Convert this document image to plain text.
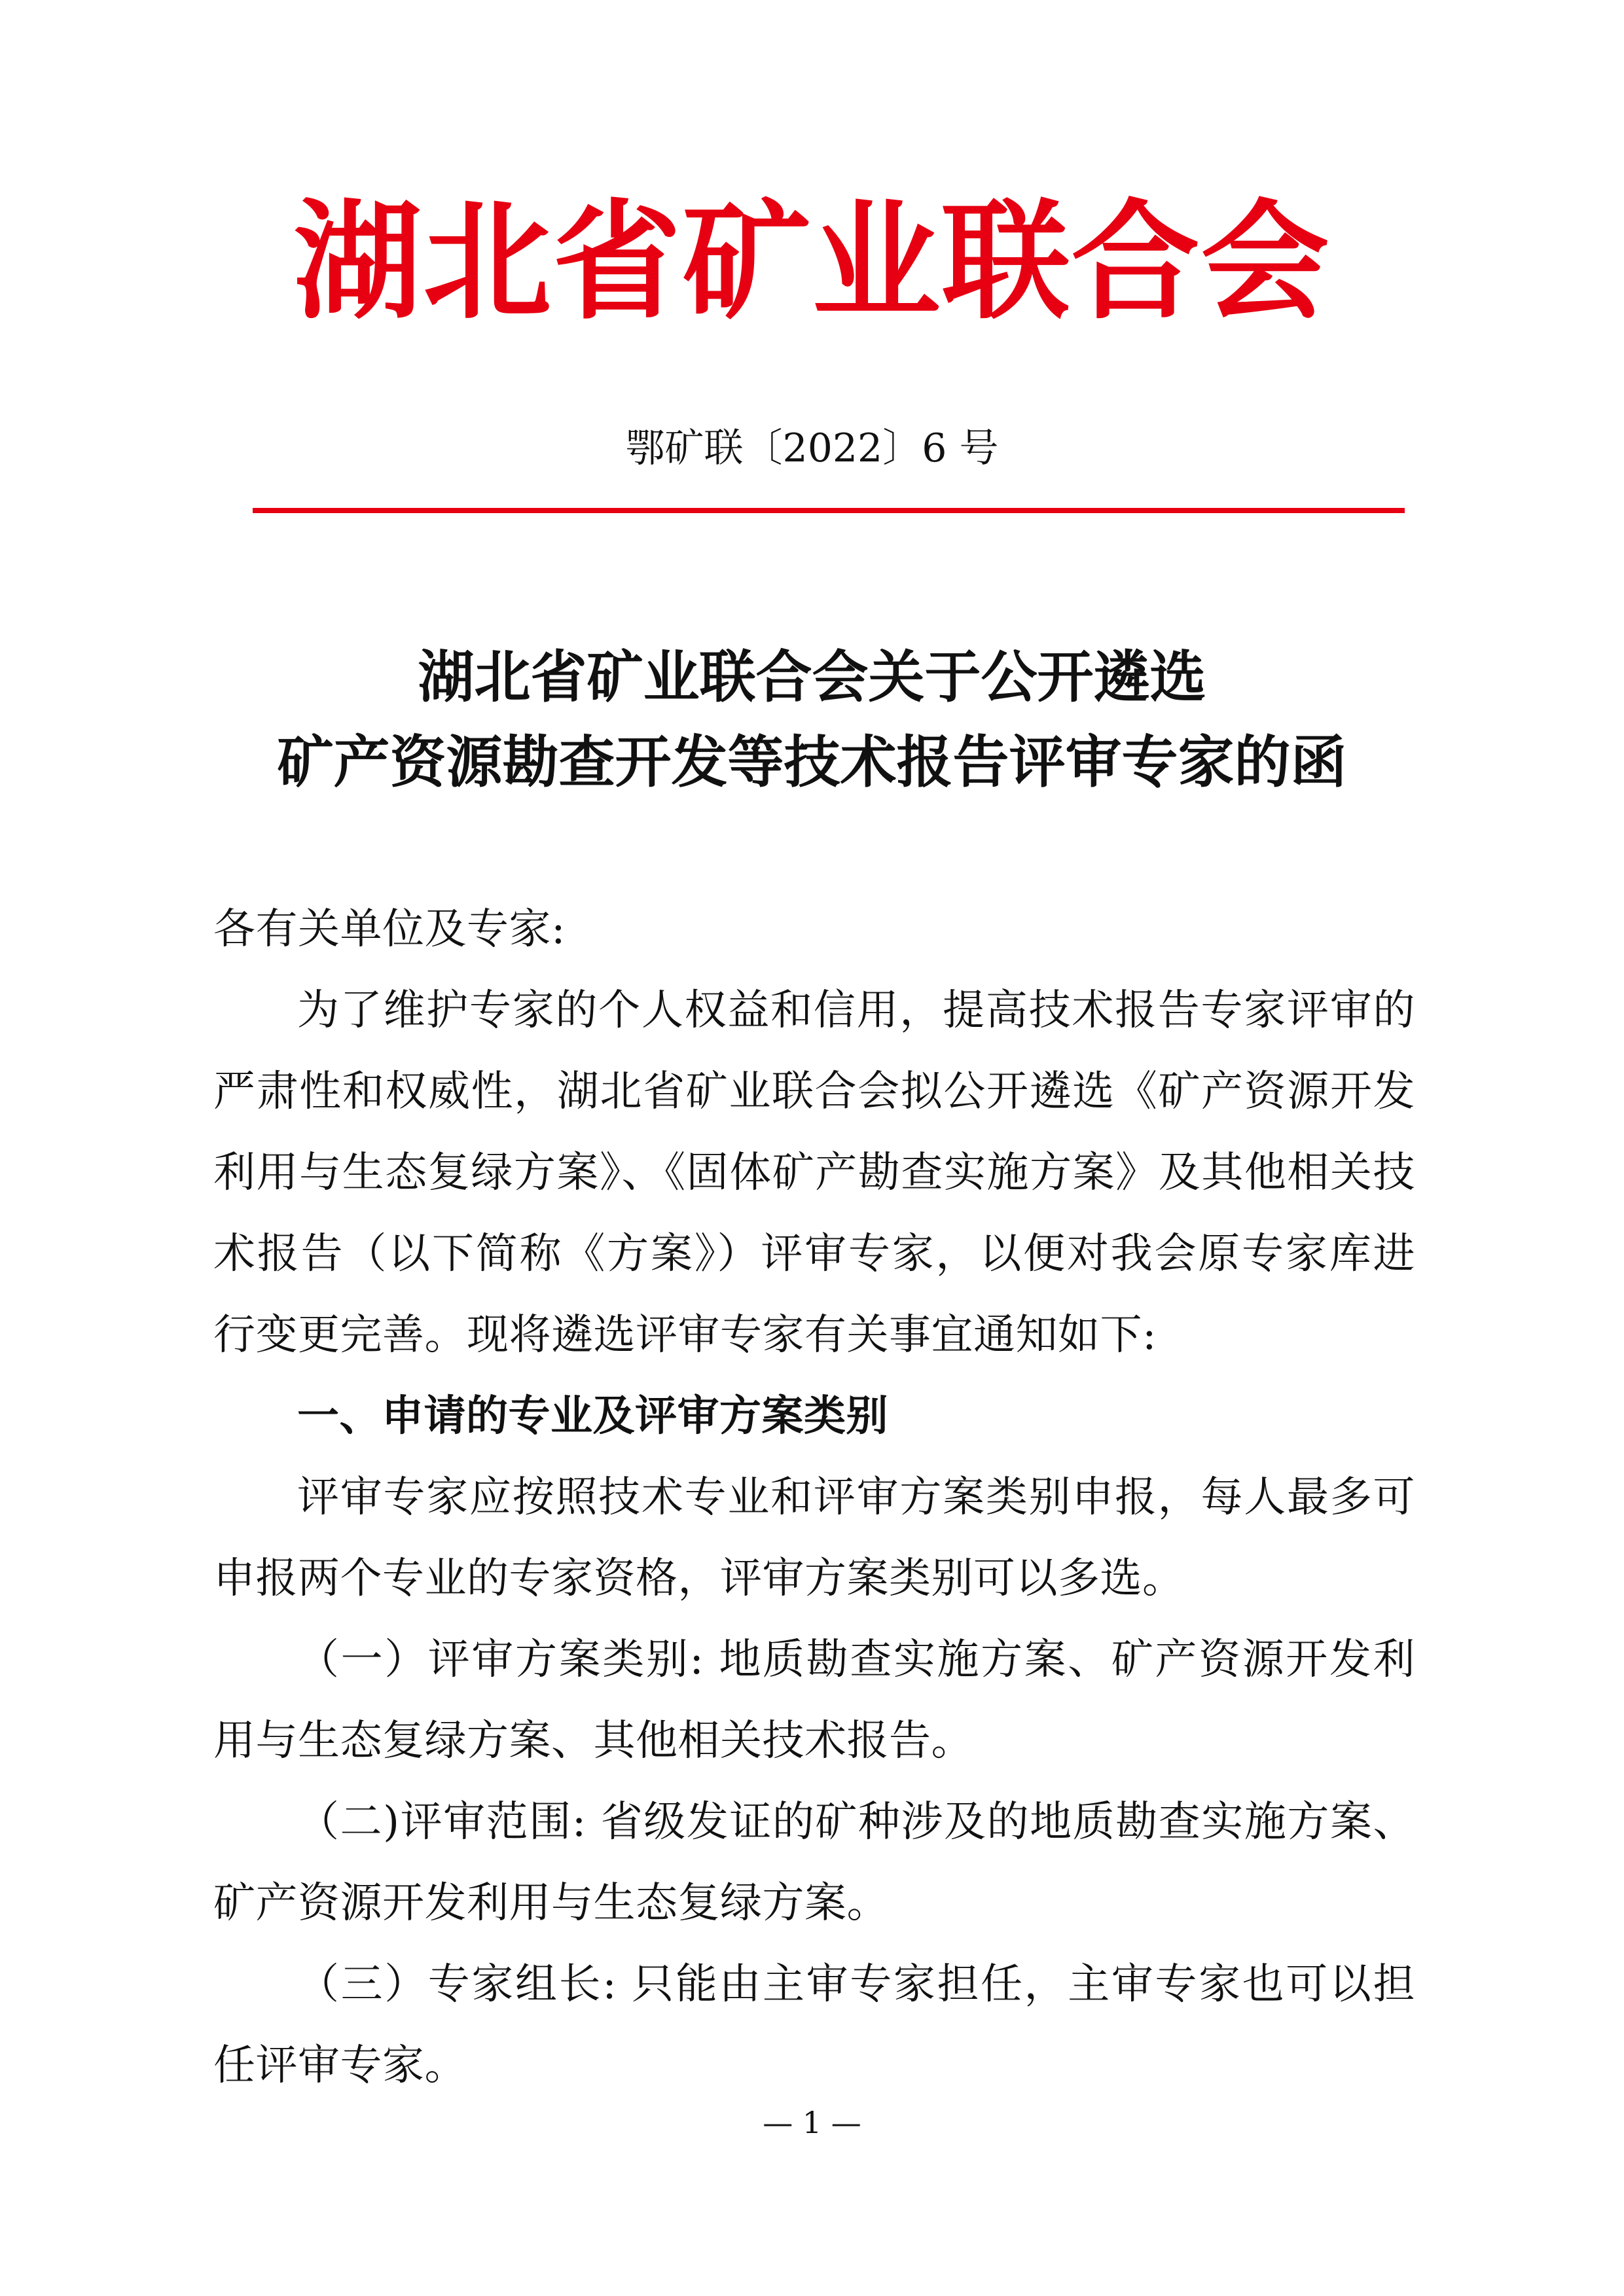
湖北省矿业联合会
鄂矿联〔2022〕6 号
湖北省矿业联合会关于公开遴选
矿产资源勘查开发等技术报告评审专家的函

各有关单位及专家:

为了维护专家的个人权益和信用，提高技术报告专家评审的严肃性和权威性，湖北省矿业联合会拟公开遴选《矿产资源开发利用与生态复绿方案》、《固体矿产勘查实施方案》及其他相关技术报告（以下简称《方案》）评审专家，以便对我会原专家库进行变更完善。现将遴选评审专家有关事宜通知如下:

一、申请的专业及评审方案类别

评审专家应按照技术专业和评审方案类别申报，每人最多可申报两个专业的专家资格，评审方案类别可以多选。

（一）评审方案类别: 地质勘查实施方案、矿产资源开发利用与生态复绿方案、其他相关技术报告。

（二)评审范围: 省级发证的矿种涉及的地质勘查实施方案、矿产资源开发利用与生态复绿方案。

（三）专家组长: 只能由主审专家担任，主审专家也可以担任评审专家。

— 1 —
